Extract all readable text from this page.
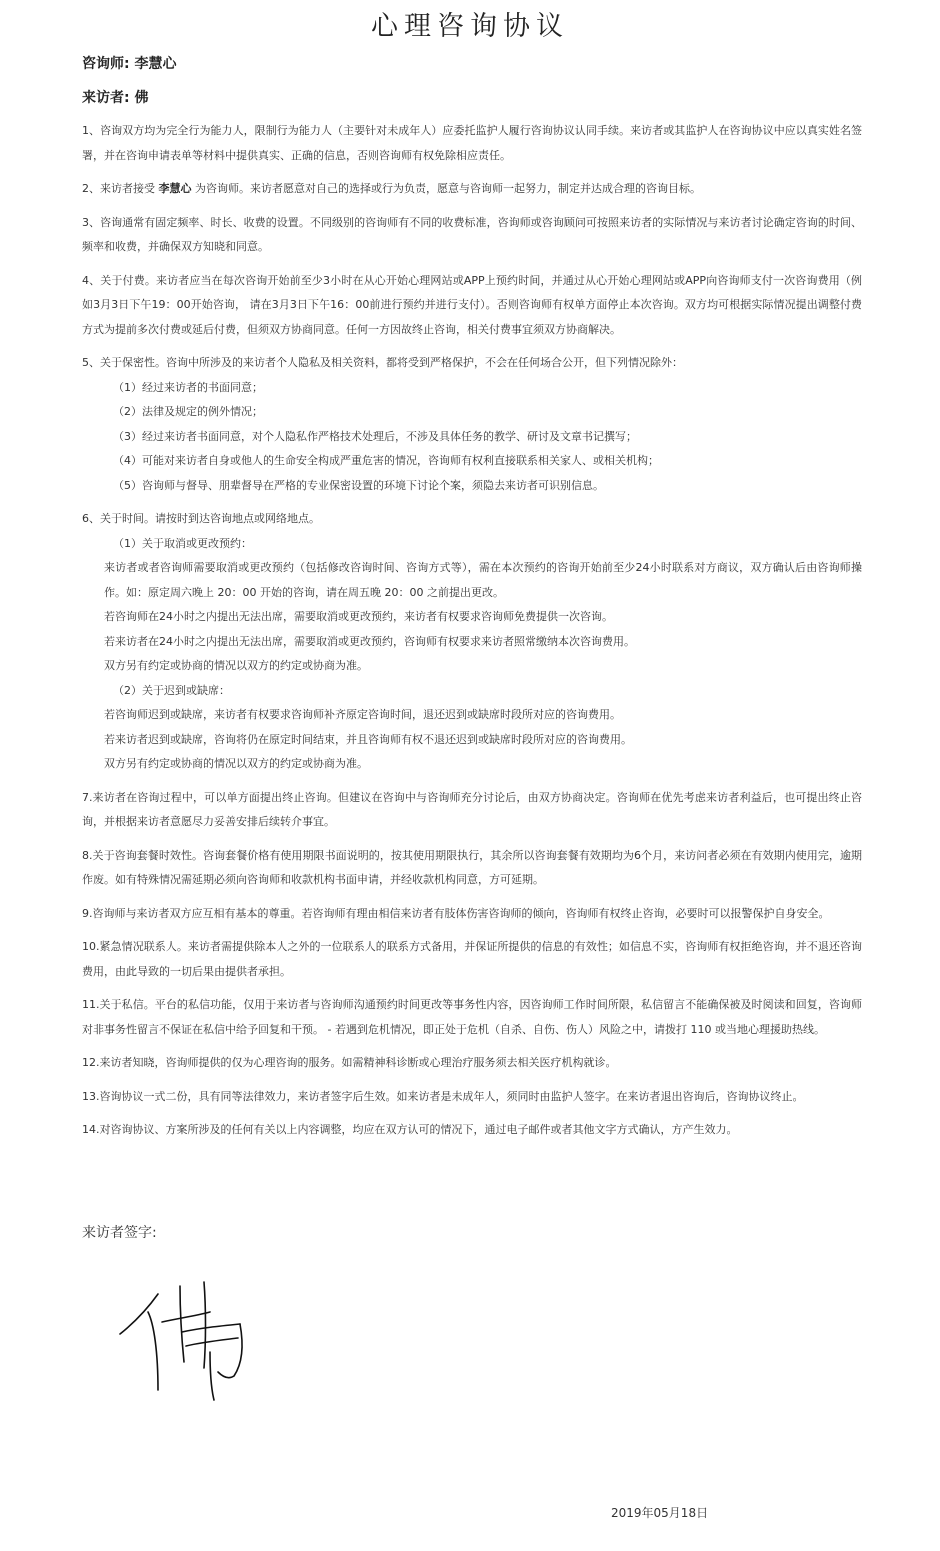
心理咨询协议
咨询师: 李慧心
来访者: 佛

1、咨询双方均为完全行为能力人，限制行为能力人（主要针对未成年人）应委托监护人履行咨询协议认同手续。来访者或其监护人在咨询协议中应以真实姓名签署，并在咨询申请表单等材料中提供真实、正确的信息，否则咨询师有权免除相应责任。

2、来访者接受 李慧心 为咨询师。来访者愿意对自己的选择或行为负责，愿意与咨询师一起努力，制定并达成合理的咨询目标。

3、咨询通常有固定频率、时长、收费的设置。不同级别的咨询师有不同的收费标准，咨询师或咨询顾问可按照来访者的实际情况与来访者讨论确定咨询的时间、频率和收费，并确保双方知晓和同意。

4、关于付费。来访者应当在每次咨询开始前至少3小时在从心开始心理网站或APP上预约时间，并通过从心开始心理网站或APP向咨询师支付一次咨询费用（例如3月3日下午19：00开始咨询， 请在3月3日下午16：00前进行预约并进行支付）。否则咨询师有权单方面停止本次咨询。双方均可根据实际情况提出调整付费方式为提前多次付费或延后付费，但须双方协商同意。任何一方因故终止咨询，相关付费事宜须双方协商解决。

5、关于保密性。咨询中所涉及的来访者个人隐私及相关资料，都将受到严格保护，不会在任何场合公开，但下列情况除外：
（1）经过来访者的书面同意；
（2）法律及规定的例外情况；
（3）经过来访者书面同意，对个人隐私作严格技术处理后，不涉及具体任务的教学、研讨及文章书记撰写；
（4）可能对来访者自身或他人的生命安全构成严重危害的情况，咨询师有权利直接联系相关家人、或相关机构；
（5）咨询师与督导、朋辈督导在严格的专业保密设置的环境下讨论个案，须隐去来访者可识别信息。
6、关于时间。请按时到达咨询地点或网络地点。
（1）关于取消或更改预约：
来访者或者咨询师需要取消或更改预约（包括修改咨询时间、咨询方式等），需在本次预约的咨询开始前至少24小时联系对方商议，双方确认后由咨询师操作。如：原定周六晚上 20：00 开始的咨询，请在周五晚 20：00 之前提出更改。
若咨询师在24小时之内提出无法出席，需要取消或更改预约，来访者有权要求咨询师免费提供一次咨询。
若来访者在24小时之内提出无法出席，需要取消或更改预约，咨询师有权要求来访者照常缴纳本次咨询费用。
双方另有约定或协商的情况以双方的约定或协商为准。
（2）关于迟到或缺席：
若咨询师迟到或缺席，来访者有权要求咨询师补齐原定咨询时间，退还迟到或缺席时段所对应的咨询费用。
若来访者迟到或缺席，咨询将仍在原定时间结束，并且咨询师有权不退还迟到或缺席时段所对应的咨询费用。
双方另有约定或协商的情况以双方的约定或协商为准。

7.来访者在咨询过程中，可以单方面提出终止咨询。但建议在咨询中与咨询师充分讨论后，由双方协商决定。咨询师在优先考虑来访者利益后，也可提出终止咨询，并根据来访者意愿尽力妥善安排后续转介事宜。

8.关于咨询套餐时效性。咨询套餐价格有使用期限书面说明的，按其使用期限执行，其余所以咨询套餐有效期均为6个月，来访问者必须在有效期内使用完，逾期作废。如有特殊情况需延期必须向咨询师和收款机构书面申请，并经收款机构同意，方可延期。

9.咨询师与来访者双方应互相有基本的尊重。若咨询师有理由相信来访者有肢体伤害咨询师的倾向，咨询师有权终止咨询，必要时可以报警保护自身安全。

10.紧急情况联系人。来访者需提供除本人之外的一位联系人的联系方式备用，并保证所提供的信息的有效性；如信息不实，咨询师有权拒绝咨询，并不退还咨询费用，由此导致的一切后果由提供者承担。

11.关于私信。平台的私信功能，仅用于来访者与咨询师沟通预约时间更改等事务性内容，因咨询师工作时间所限，私信留言不能确保被及时阅读和回复，咨询师对非事务性留言不保证在私信中给予回复和干预。 - 若遇到危机情况，即正处于危机（自杀、自伤、伤人）风险之中，请拨打 110 或当地心理援助热线。

12.来访者知晓，咨询师提供的仅为心理咨询的服务。如需精神科诊断或心理治疗服务须去相关医疗机构就诊。

13.咨询协议一式二份，具有同等法律效力，来访者签字后生效。如来访者是未成年人，须同时由监护人签字。在来访者退出咨询后，咨询协议终止。

14.对咨询协议、方案所涉及的任何有关以上内容调整，均应在双方认可的情况下，通过电子邮件或者其他文字方式确认，方产生效力。

来访者签字:
2019年05月18日
